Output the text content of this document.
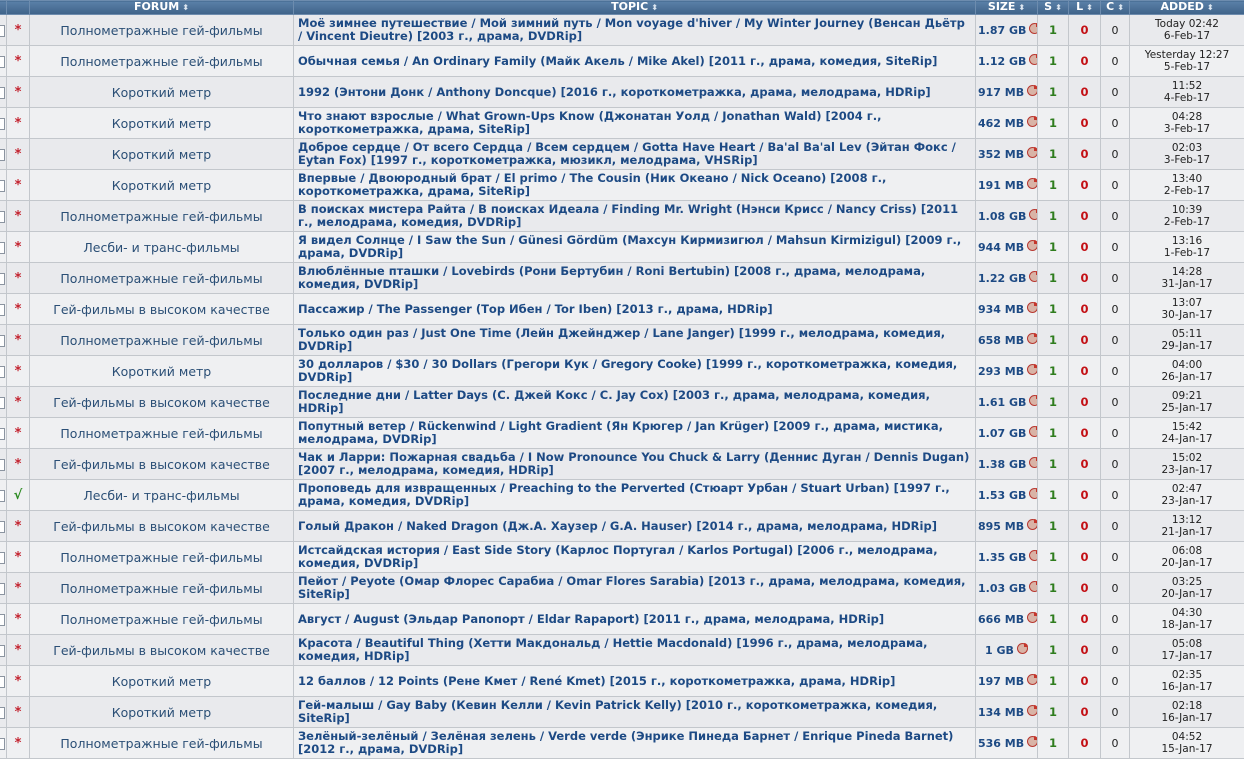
		FORUM ⬍	TOPIC ⬍	SIZE ⬍	S ⬍	L ⬍	C ⬍	ADDED ⬍
	*	Полнометражные гей-фильмы	Моё зимнее путешествие / Мой зимний путь / Mon voyage d'hiver / My Winter Journey (Венсан Дьётр / Vincent Dieutre) [2003 г., драма, DVDRip]	1.87 GB	1	0	0	Today 02:42
6-Feb-17

	*	Полнометражные гей-фильмы	Обычная семья / An Ordinary Family (Майк Акель / Mike Akel) [2011 г., драма, комедия, SiteRip]	1.12 GB	1	0	0	Yesterday 12:27
5-Feb-17

	*	Короткий метр	1992 (Энтони Донк / Anthony Doncque) [2016 г., короткометражка, драма, мелодрама, HDRip]	917 MB	1	0	0	11:52
4-Feb-17

	*	Короткий метр	Что знают взрослые / What Grown-Ups Know (Джонатан Уолд / Jonathan Wald) [2004 г., короткометражка, драма, SiteRip]	462 MB	1	0	0	04:28
3-Feb-17

	*	Короткий метр	Доброе сердце / От всего Сердца / Всем сердцем / Gotta Have Heart / Ba'al Ba'al Lev (Эйтан Фокс / Eytan Fox) [1997 г., короткометражка, мюзикл, мелодрама, VHSRip]	352 MB	1	0	0	02:03
3-Feb-17

	*	Короткий метр	Впервые / Двоюродный брат / El primo / The Cousin (Ник Океано / Nick Oceano) [2008 г., короткометражка, драма, SiteRip]	191 MB	1	0	0	13:40
2-Feb-17

	*	Полнометражные гей-фильмы	В поисках мистера Райта / В поисках Идеала / Finding Mr. Wright (Нэнси Крисс / Nancy Criss) [2011 г., мелодрама, комедия, DVDRip]	1.08 GB	1	0	0	10:39
2-Feb-17

	*	Лесби- и транс-фильмы	Я видел Солнце / I Saw the Sun / Günesi Gördüm (Махсун Кирмизигюл / Mahsun Kirmizigul) [2009 г., драма, DVDRip]	944 MB	1	0	0	13:16
1-Feb-17

	*	Полнометражные гей-фильмы	Влюблённые пташки / Lovebirds (Рони Бертубин / Roni Bertubin) [2008 г., драма, мелодрама, комедия, DVDRip]	1.22 GB	1	0	0	14:28
31-Jan-17

	*	Гей-фильмы в высоком качестве	Пассажир / The Passenger (Тор Ибен / Tor Iben) [2013 г., драма, HDRip]	934 MB	1	0	0	13:07
30-Jan-17

	*	Полнометражные гей-фильмы	Только один раз / Just One Time (Лейн Джейнджер / Lane Janger) [1999 г., мелодрама, комедия, DVDRip]	658 MB	1	0	0	05:11
29-Jan-17

	*	Короткий метр	30 долларов / $30 / 30 Dollars (Грегори Кук / Gregory Cooke) [1999 г., короткометражка, комедия, DVDRip]	293 MB	1	0	0	04:00
26-Jan-17

	*	Гей-фильмы в высоком качестве	Последние дни / Latter Days (С. Джей Кокс / C. Jay Cox) [2003 г., драма, мелодрама, комедия, HDRip]	1.61 GB	1	0	0	09:21
25-Jan-17

	*	Полнометражные гей-фильмы	Попутный ветер / Rückenwind / Light Gradient (Ян Крюгер / Jan Krüger) [2009 г., драма, мистика, мелодрама, DVDRip]	1.07 GB	1	0	0	15:42
24-Jan-17

	*	Гей-фильмы в высоком качестве	Чак и Ларри: Пожарная свадьба / I Now Pronounce You Chuck & Larry (Деннис Дуган / Dennis Dugan) [2007 г., мелодрама, комедия, HDRip]	1.38 GB	1	0	0	15:02
23-Jan-17

	√	Лесби- и транс-фильмы	Проповедь для извращенных / Preaching to the Perverted (Стюарт Урбан / Stuart Urban) [1997 г., драма, комедия, DVDRip]	1.53 GB	1	0	0	02:47
23-Jan-17

	*	Гей-фильмы в высоком качестве	Голый Дракон / Naked Dragon (Дж.А. Хаузер / G.A. Hauser) [2014 г., драма, мелодрама, HDRip]	895 MB	1	0	0	13:12
21-Jan-17

	*	Полнометражные гей-фильмы	Истсайдская история / East Side Story (Карлос Португал / Karlos Portugal) [2006 г., мелодрама, комедия, DVDRip]	1.35 GB	1	0	0	06:08
20-Jan-17

	*	Полнометражные гей-фильмы	Пейот / Peyote (Омар Флорес Сарабиа / Omar Flores Sarabia) [2013 г., драма, мелодрама, комедия, SiteRip]	1.03 GB	1	0	0	03:25
20-Jan-17

	*	Полнометражные гей-фильмы	Август / August (Эльдар Рапопорт / Eldar Rapaport) [2011 г., драма, мелодрама, HDRip]	666 MB	1	0	0	04:30
18-Jan-17

	*	Гей-фильмы в высоком качестве	Красота / Beautiful Thing (Хетти Макдональд / Hettie Macdonald) [1996 г., драма, мелодрама, комедия, HDRip]	1 GB	1	0	0	05:08
17-Jan-17

	*	Короткий метр	12 баллов / 12 Points (Рене Кмет / René Kmet) [2015 г., короткометражка, драма, HDRip]	197 MB	1	0	0	02:35
16-Jan-17

	*	Короткий метр	Гей-малыш / Gay Baby (Кевин Келли / Kevin Patrick Kelly) [2010 г., короткометражка, комедия, SiteRip]	134 MB	1	0	0	02:18
16-Jan-17

	*	Полнометражные гей-фильмы	Зелёный-зелёный / Зелёная зелень / Verde verde (Энрике Пинеда Барнет / Enrique Pineda Barnet) [2012 г., драма, DVDRip]	536 MB	1	0	0	04:52
15-Jan-17
